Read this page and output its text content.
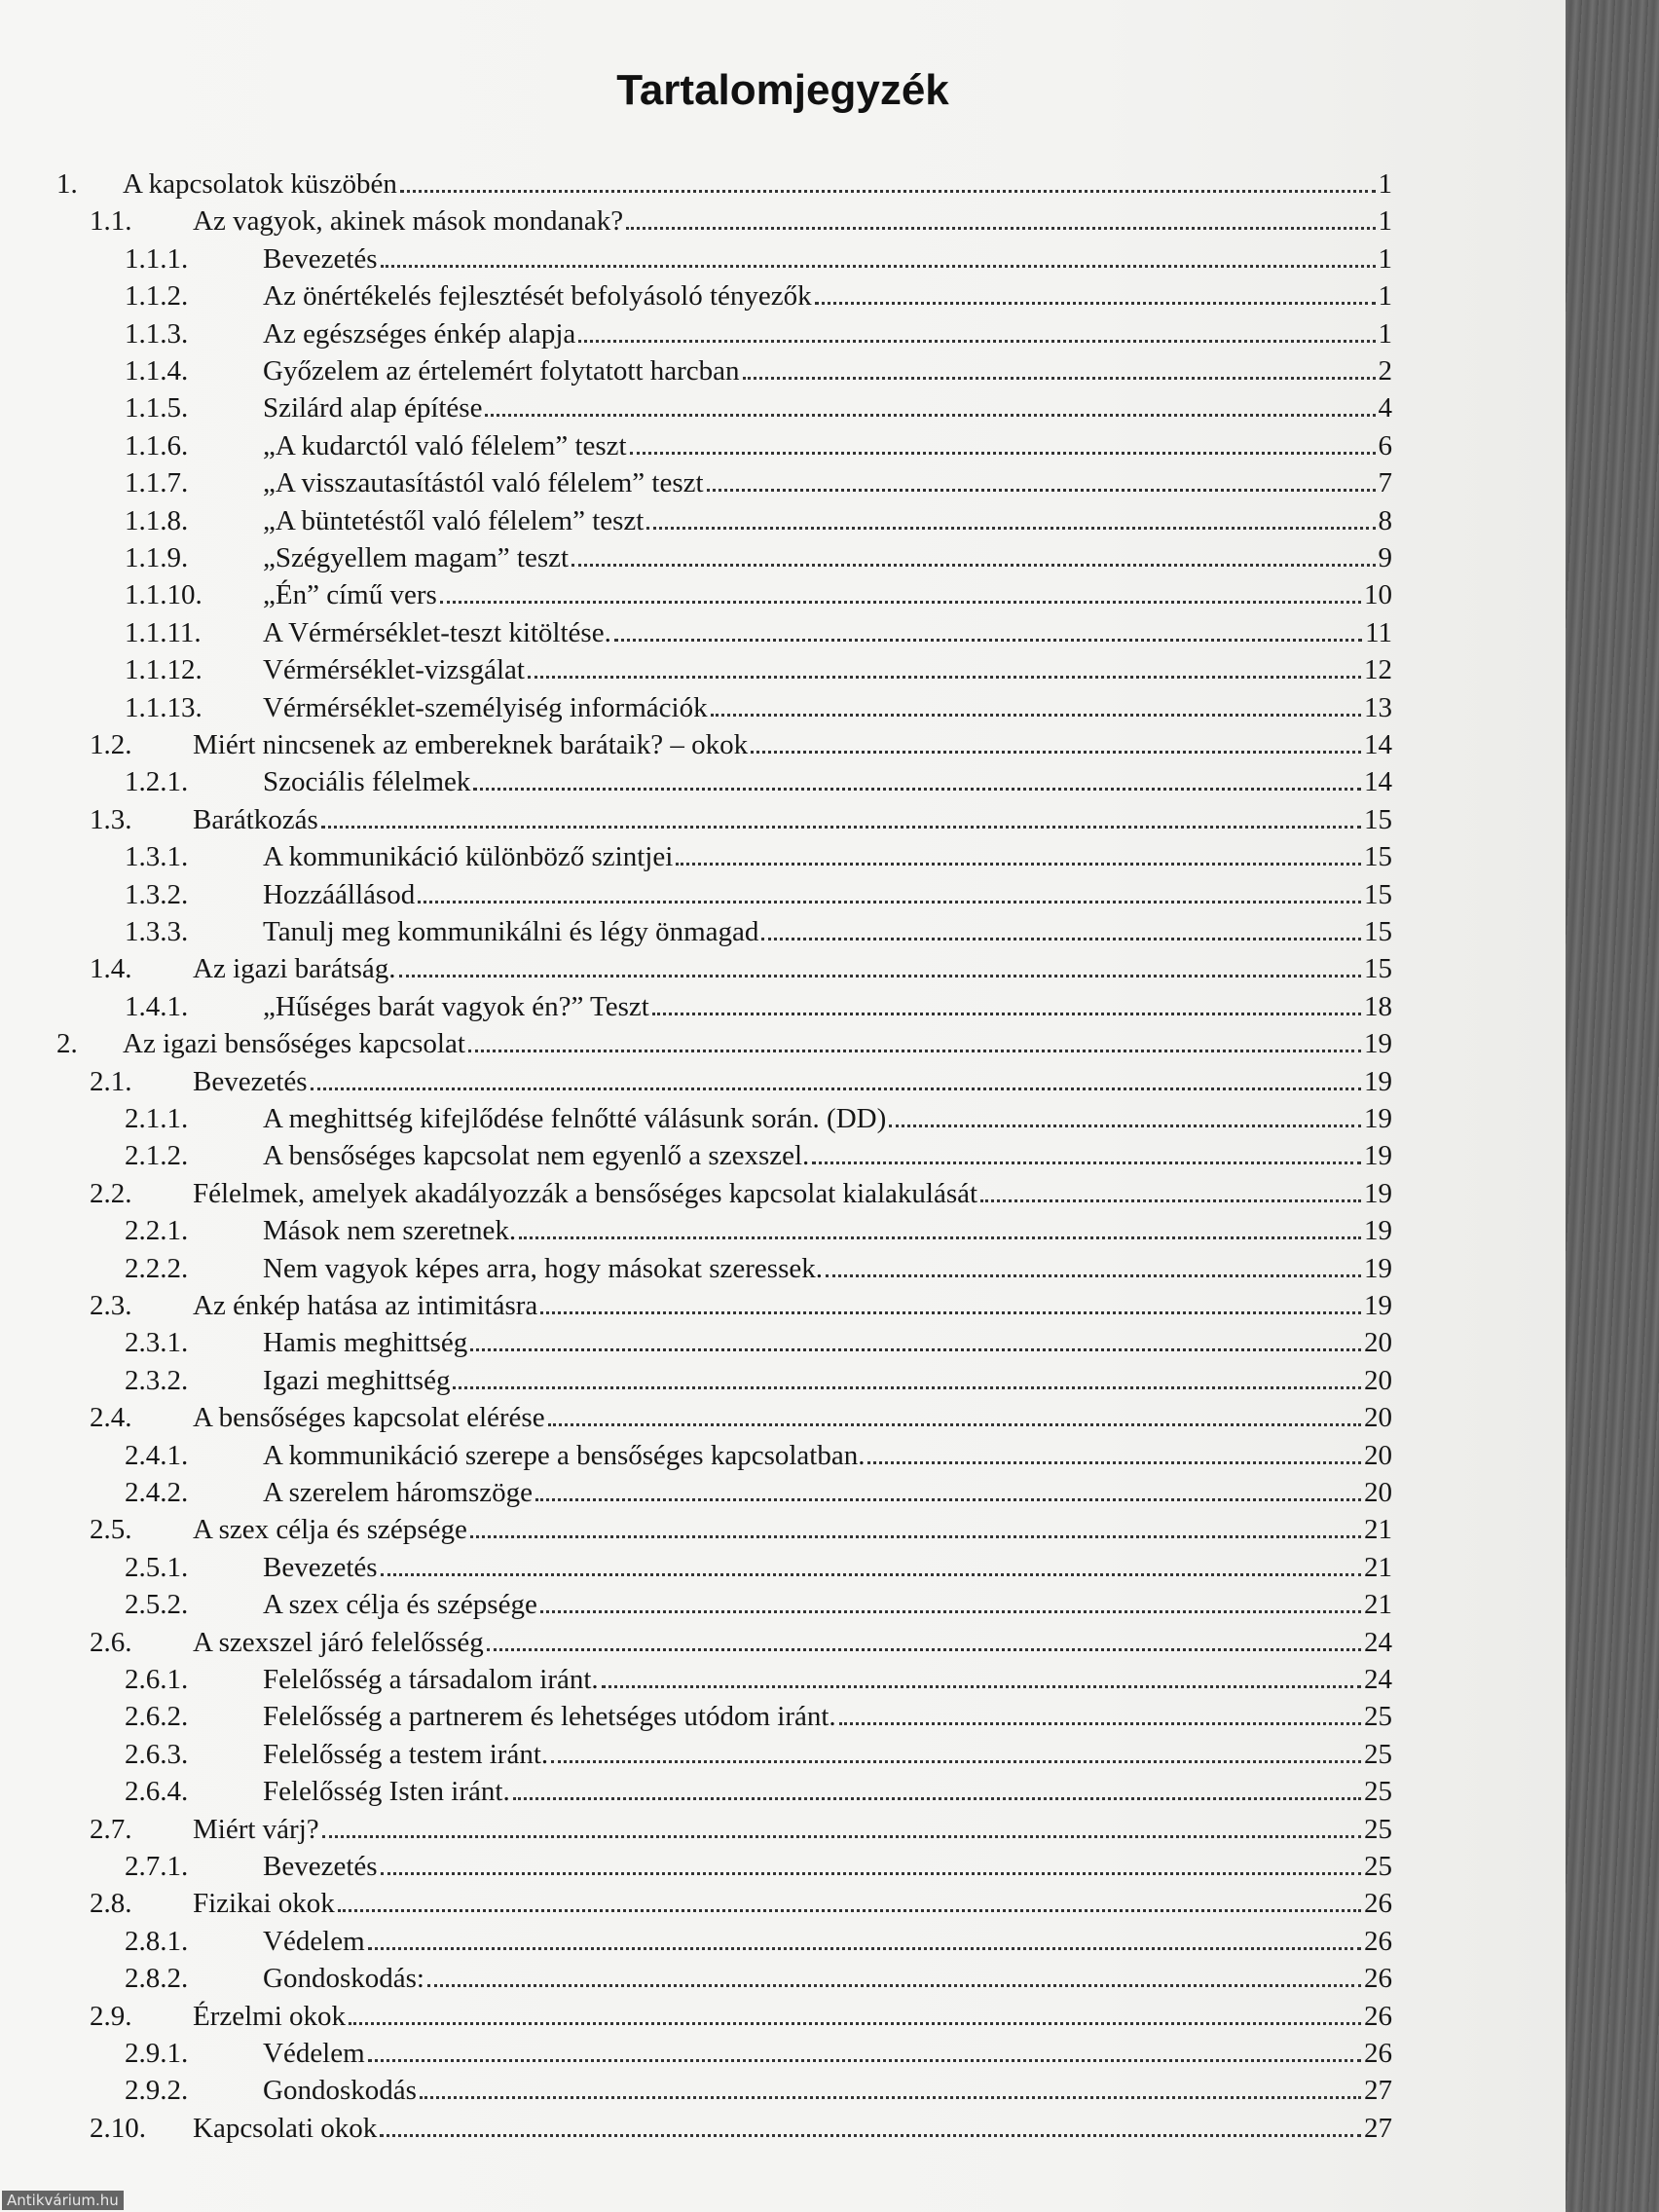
Tartalomjegyzék
1. A kapcsolatok küszöbén	1
1.1. Az vagyok, akinek mások mondanak?	1
1.1.1.	Bevezetés	1
1.1.2.	Az önértékelés fejlesztését befolyásoló tényezők	1
1.1.3.	Az egészséges énkép alapja	1
1.1.4.	Győzelem az értelemért folytatott harcban	2
1.1.5.	Szilárd alap építése	4
1.1.6.	„A kudarctól való félelem” teszt	6
1.1.7.	„A visszautasítástól való félelem” teszt	7
1.1.8.	„A büntetéstől való félelem” teszt	8
1.1.9.	„Szégyellem magam” teszt	9
1.1.10. „Én” című vers	10
1.1.11. A Vérmérséklet-teszt kitöltése.	11
1.1.12. Vérmérséklet-vizsgálat	12
1.1.13. Vérmérséklet-személyiség információk	13
1.2. Miért nincsenek az embereknek barátaik? – okok	14
1.2.1.	Szociális félelmek	14
1.3. Barátkozás	15
1.3.1.	A kommunikáció különböző szintjei	15
1.3.2.	Hozzáállásod	15
1.3.3.	Tanulj meg kommunikálni és légy önmagad	15
1.4. Az igazi barátság.	15
1.4.1.	„Hűséges barát vagyok én?” Teszt	18
2. Az igazi bensőséges kapcsolat	19
2.1. Bevezetés	19
2.1.1.	A meghittség kifejlődése felnőtté válásunk során. (DD)	19
2.1.2.	A bensőséges kapcsolat nem egyenlő a szexszel.	19
2.2. Félelmek, amelyek akadályozzák a bensőséges kapcsolat kialakulását	19
2.2.1.	Mások nem szeretnek.	19
2.2.2.	Nem vagyok képes arra, hogy másokat szeressek.	19
2.3. Az énkép hatása az intimitásra	19
2.3.1.	Hamis meghittség	20
2.3.2.	Igazi meghittség	20
2.4. A bensőséges kapcsolat elérése	20
2.4.1.	A kommunikáció szerepe a bensőséges kapcsolatban.	20
2.4.2.	A szerelem háromszöge	20
2.5. A szex célja és szépsége	21
2.5.1.	Bevezetés	21
2.5.2.	A szex célja és szépsége	21
2.6. A szexszel járó felelősség	24
2.6.1.	Felelősség a társadalom iránt.	24
2.6.2.	Felelősség a partnerem és lehetséges utódom iránt.	25
2.6.3.	Felelősség a testem iránt.	25
2.6.4.	Felelősség Isten iránt.	25
2.7. Miért várj?	25
2.7.1.	Bevezetés	25
2.8. Fizikai okok	26
2.8.1.	Védelem	26
2.8.2.	Gondoskodás:	26
2.9. Érzelmi okok	26
2.9.1.	Védelem	26
2.9.2.	Gondoskodás	27
2.10. Kapcsolati okok	27
Antikvárium.hu
